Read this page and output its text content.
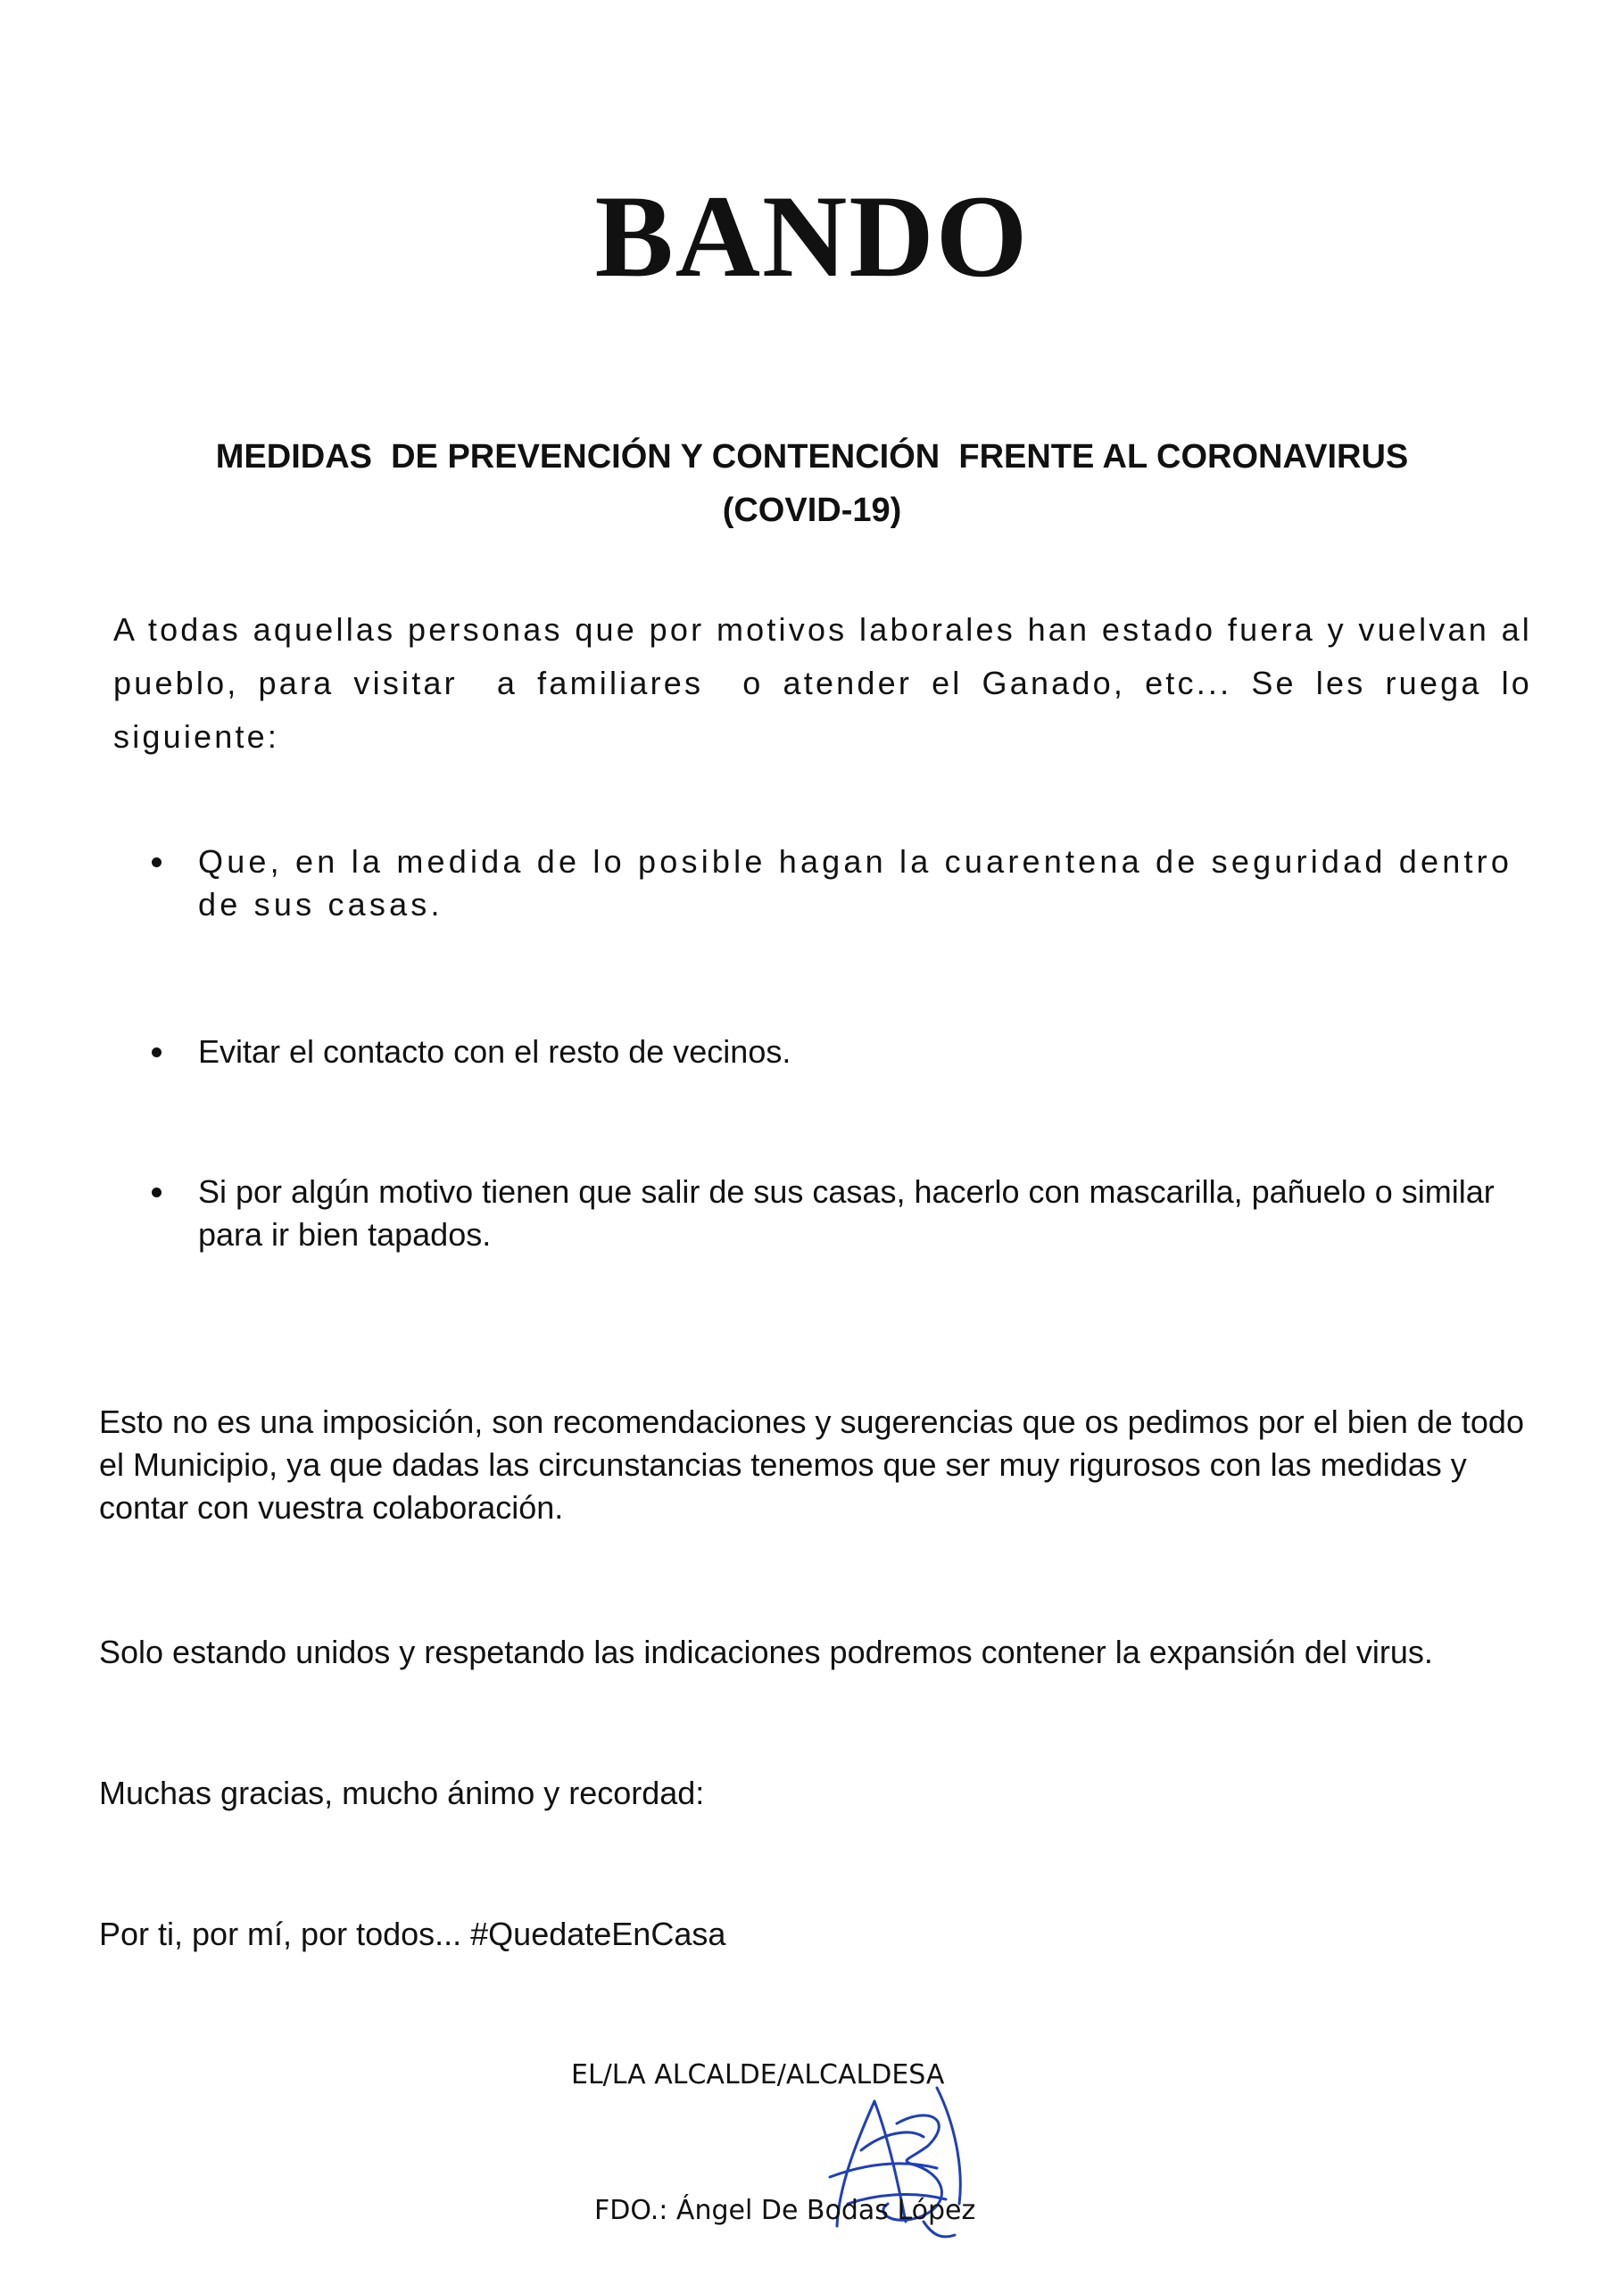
BANDO
MEDIDAS  DE PREVENCIÓN Y CONTENCIÓN  FRENTE AL CORONAVIRUS
(COVID-19)

A todas aquellas personas que por motivos laborales han estado fuera y vuelvan al pueblo, para visitar  a familiares  o atender el Ganado, etc... Se les ruega lo siguiente:

Que, en la medida de lo posible hagan la cuarentena de seguridad dentro de sus casas.
Evitar el contacto con el resto de vecinos.
Si por algún motivo tienen que salir de sus casas, hacerlo con mascarilla, pañuelo o similar para ir bien tapados.

Esto no es una imposición, son recomendaciones y sugerencias que os pedimos por el bien de todo el Municipio, ya que dadas las circunstancias tenemos que ser muy rigurosos con las medidas y contar con vuestra colaboración.

Solo estando unidos y respetando las indicaciones podremos contener la expansión del virus.

Muchas gracias, mucho ánimo y recordad:

Por ti, por mí, por todos... #QuedateEnCasa

EL/LA ALCALDE/ALCALDESA
FDO.: Ángel De Bodas López
